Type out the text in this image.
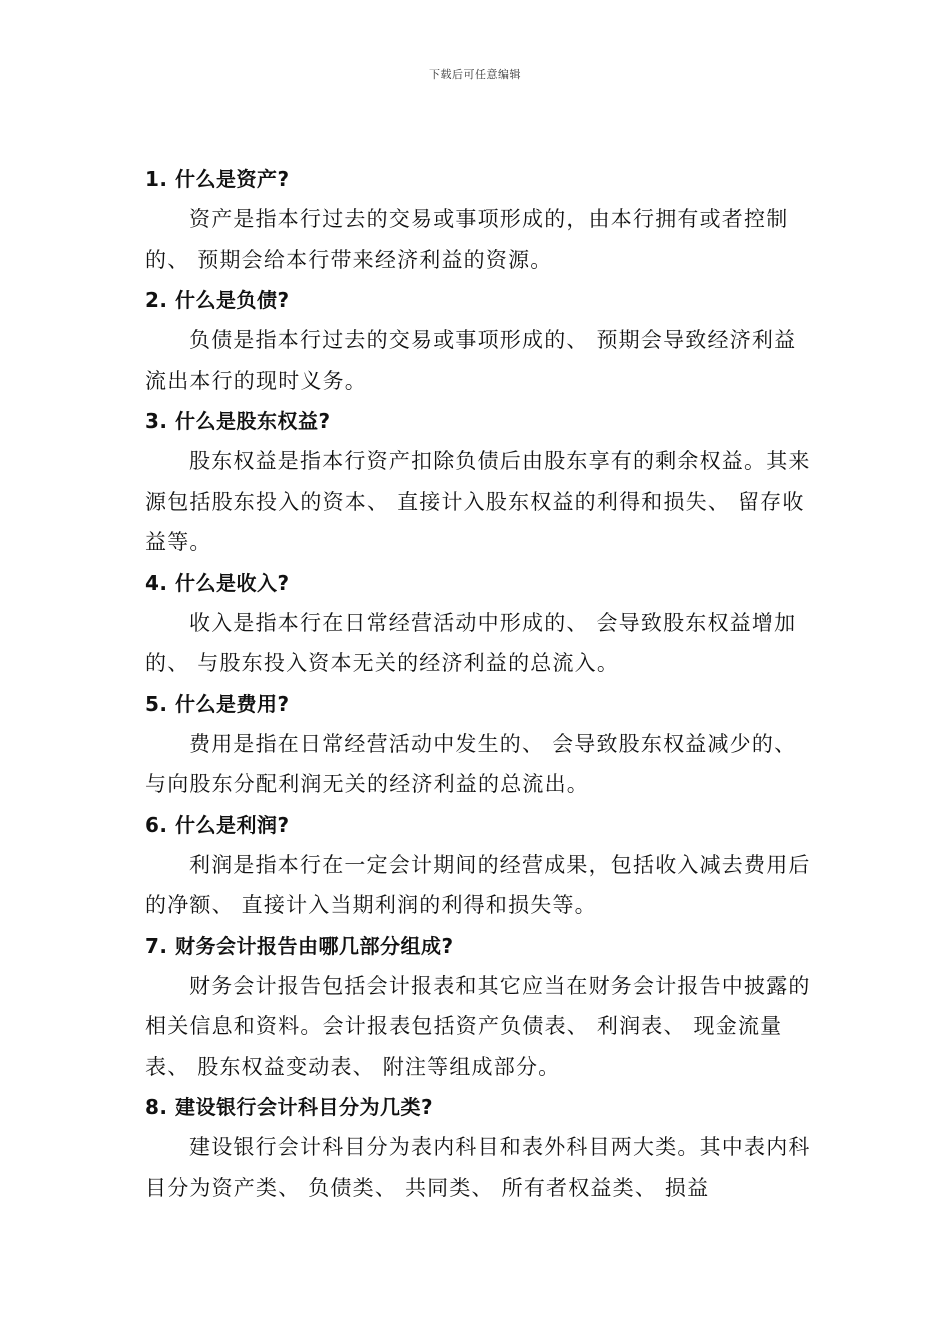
下载后可任意编辑
1. 什么是资产?

资产是指本行过去的交易或事项形成的，由本行拥有或者控制的、 预期会给本行带来经济利益的资源。

2. 什么是负债?

负债是指本行过去的交易或事项形成的、 预期会导致经济利益流出本行的现时义务。

3. 什么是股东权益?

股东权益是指本行资产扣除负债后由股东享有的剩余权益。其来源包括股东投入的资本、 直接计入股东权益的利得和损失、 留存收益等。

4. 什么是收入?

收入是指本行在日常经营活动中形成的、 会导致股东权益增加的、 与股东投入资本无关的经济利益的总流入。

5. 什么是费用?

费用是指在日常经营活动中发生的、 会导致股东权益减少的、 与向股东分配利润无关的经济利益的总流出。

6. 什么是利润?

利润是指本行在一定会计期间的经营成果，包括收入减去费用后的净额、 直接计入当期利润的利得和损失等。

7. 财务会计报告由哪几部分组成?

财务会计报告包括会计报表和其它应当在财务会计报告中披露的相关信息和资料。会计报表包括资产负债表、 利润表、 现金流量表、 股东权益变动表、 附注等组成部分。

8. 建设银行会计科目分为几类?

建设银行会计科目分为表内科目和表外科目两大类。其中表内科目分为资产类、 负债类、 共同类、 所有者权益类、 损益
